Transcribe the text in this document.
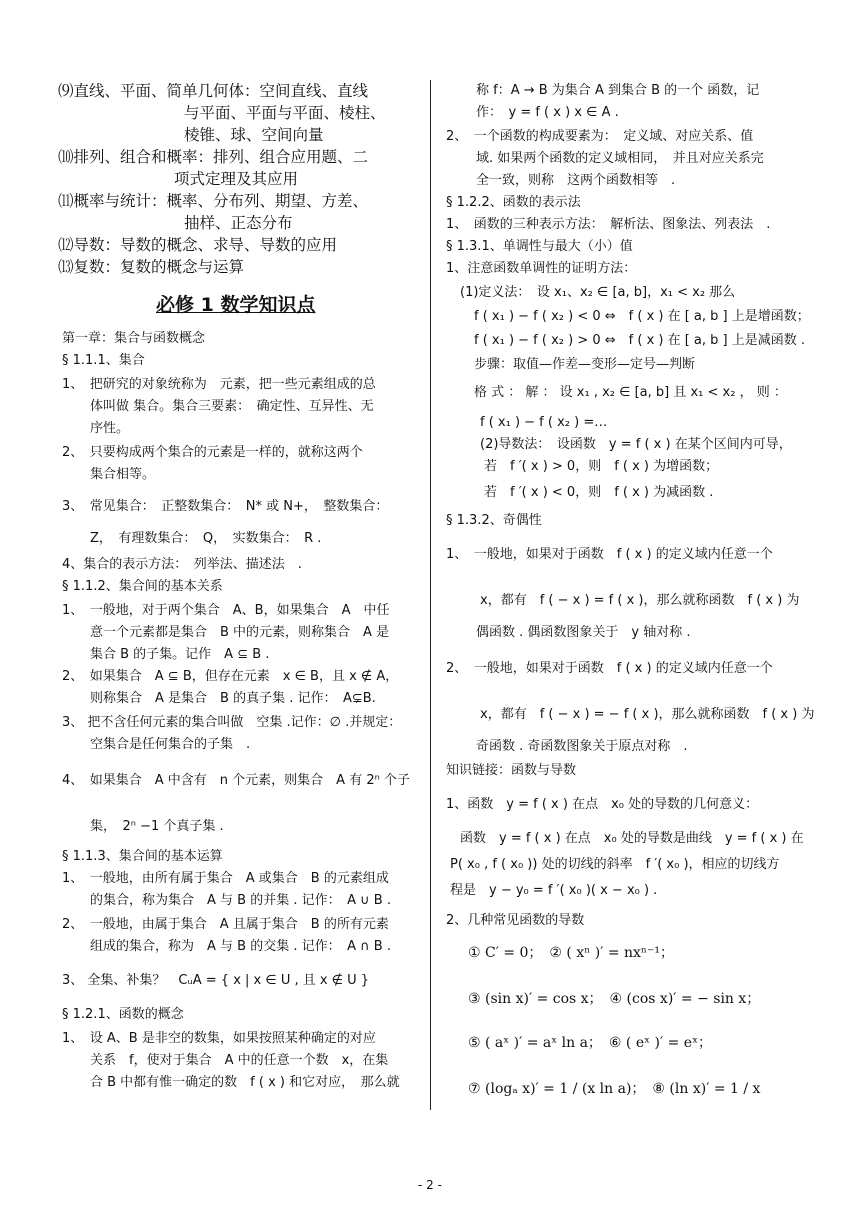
⑼直线、平面、简单几何体：空间直线、直线
与平面、平面与平面、棱柱、
棱锥、球、空间向量
⑽排列、组合和概率：排列、组合应用题、二
项式定理及其应用
⑾概率与统计：概率、分布列、期望、方差、
抽样、正态分布
⑿导数：导数的概念、求导、导数的应用
⒀复数：复数的概念与运算
必修 1 数学知识点
第一章：集合与函数概念
§ 1.1.1、集合
1、　把研究的对象统称为　元素，把一些元素组成的总
体叫做 集合。集合三要素：　确定性、互异性、无
序性。
2、　只要构成两个集合的元素是一样的，就称这两个
集合相等。
3、　常见集合：　正整数集合：　N* 或 N+，　整数集合：
Z，　有理数集合：　Q，　实数集合：　R .
4、集合的表示方法：　列举法、描述法　.
§ 1.1.2、集合间的基本关系
1、　一般地，对于两个集合　A、B，如果集合　A　中任
意一个元素都是集合　B 中的元素，则称集合　A 是
集合 B 的子集。记作　A ⊆ B .
2、　如果集合　A ⊆ B，但存在元素　x ∈ B，且 x ∉ A，
则称集合　A 是集合　B 的真子集 . 记作：　A⊊B.
3、 把不含任何元素的集合叫做　空集 .记作：∅ .并规定：
空集合是任何集合的子集　.
4、　如果集合　A 中含有　n 个元素，则集合　A 有 2ⁿ 个子
集，　2ⁿ −1 个真子集 .
§ 1.1.3、集合间的基本运算
1、　一般地，由所有属于集合　A 或集合　B 的元素组成
的集合，称为集合　A 与 B 的并集 . 记作：　A ∪ B .
2、　一般地，由属于集合　A 且属于集合　B 的所有元素
组成的集合，称为　A 与 B 的交集 . 记作：　A ∩ B .
3、 全集、补集？　CᵤA = { x | x ∈ U , 且 x ∉ U }
§ 1.2.1、函数的概念
1、　设 A、B 是非空的数集，如果按照某种确定的对应
关系　f，使对于集合　A 中的任意一个数　x，在集
合 B 中都有惟一确定的数　f ( x ) 和它对应，　那么就
称 f：A → B 为集合 A 到集合 B 的一个 函数，记
作：　y = f ( x ) x ∈ A .
2、　一个函数的构成要素为：　定义域、对应关系、值
域. 如果两个函数的定义域相同，　并且对应关系完
全一致，则称　这两个函数相等　.
§ 1.2.2、函数的表示法
1、　函数的三种表示方法：　解析法、图象法、列表法　.
§ 1.3.1、单调性与最大（小）值
1、注意函数单调性的证明方法：
(1)定义法：　设 x₁、x₂ ∈ [a, b]，x₁ < x₂ 那么
f ( x₁ ) − f ( x₂ ) < 0 ⇔　f ( x ) 在 [ a, b ] 上是增函数；
f ( x₁ ) − f ( x₂ ) > 0 ⇔　f ( x ) 在 [ a, b ] 上是减函数 .
步骤：取值—作差—变形—定号—判断
格 式 ： 解 ： 设 x₁ , x₂ ∈ [a, b] 且 x₁ < x₂ ， 则 ：
f ( x₁ ) − f ( x₂ ) =…
(2)导数法：　设函数　y = f ( x ) 在某个区间内可导，
若　f ′( x ) > 0，则　f ( x ) 为增函数；
若　f ′( x ) < 0，则　f ( x ) 为减函数 .
§ 1.3.2、奇偶性
1、　一般地，如果对于函数　f ( x ) 的定义域内任意一个
x，都有　f ( − x ) = f ( x )，那么就称函数　f ( x ) 为
偶函数 . 偶函数图象关于　y 轴对称 .
2、　一般地，如果对于函数　f ( x ) 的定义域内任意一个
x，都有　f ( − x ) = − f ( x )，那么就称函数　f ( x ) 为
奇函数 . 奇函数图象关于原点对称　.
知识链接：函数与导数
1、函数　y = f ( x ) 在点　x₀ 处的导数的几何意义：
函数　y = f ( x ) 在点　x₀ 处的导数是曲线　y = f ( x ) 在
P( x₀ , f ( x₀ )) 处的切线的斜率　f ′( x₀ )，相应的切线方
程是　y − y₀ = f ′( x₀ )( x − x₀ ) .
2、几种常见函数的导数
① C′ = 0；　② ( xⁿ )′ = nxⁿ⁻¹；
③ (sin x)′ = cos x；　④ (cos x)′ = − sin x；
⑤ ( aˣ )′ = aˣ ln a；　⑥ ( eˣ )′ = eˣ；
⑦ (logₐ x)′ = 1 / (x ln a)；　⑧ (ln x)′ = 1 / x
- 2 -
